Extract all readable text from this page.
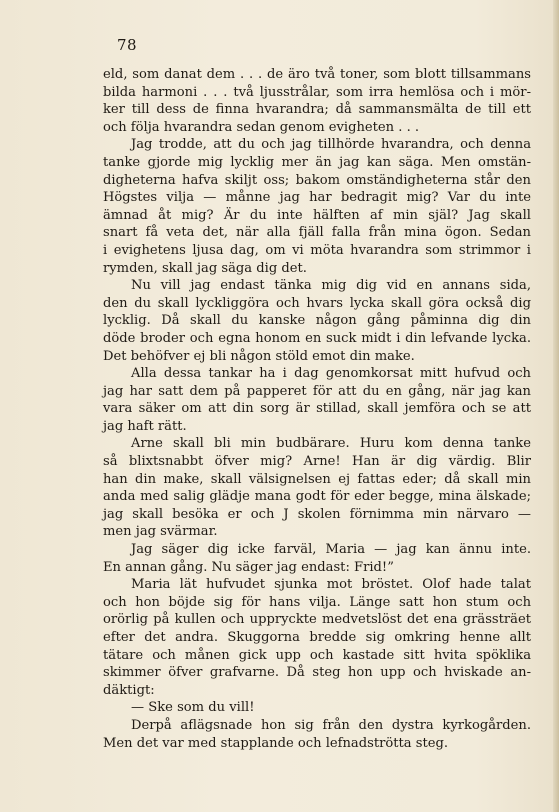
78
eld, som danat dem . . . de äro två toner, som blott tillsammans
bilda harmoni . . . två ljusstrålar, som irra hemlösa och i mör-
ker till dess de finna hvarandra; då sammansmälta de till ett
och följa hvarandra sedan genom evigheten . . .
Jag trodde, att du och jag tillhörde hvarandra, och denna
tanke gjorde mig lycklig mer än jag kan säga. Men omstän-
digheterna hafva skiljt oss; bakom omständigheterna står den
Högstes vilja — månne jag har bedragit mig? Var du inte
ämnad åt mig? Är du inte hälften af min själ? Jag skall
snart få veta det, när alla fjäll falla från mina ögon. Sedan
i evighetens ljusa dag, om vi möta hvarandra som strimmor i
rymden, skall jag säga dig det.
Nu vill jag endast tänka mig dig vid en annans sida,
den du skall lyckliggöra och hvars lycka skall göra också dig
lycklig. Då skall du kanske någon gång påminna dig din
döde broder och egna honom en suck midt i din lefvande lycka.
Det behöfver ej bli någon stöld emot din make.
Alla dessa tankar ha i dag genomkorsat mitt hufvud och
jag har satt dem på papperet för att du en gång, när jag kan
vara säker om att din sorg är stillad, skall jemföra och se att
jag haft rätt.
Arne skall bli min budbärare. Huru kom denna tanke
så blixtsnabbt öfver mig? Arne! Han är dig värdig. Blir
han din make, skall välsignelsen ej fattas eder; då skall min
anda med salig glädje mana godt för eder begge, mina älskade;
jag skall besöka er och J skolen förnimma min närvaro —
men jag svärmar.
Jag säger dig icke farväl, Maria — jag kan ännu inte.
En annan gång. Nu säger jag endast: Frid!”
Maria lät hufvudet sjunka mot bröstet. Olof hade talat
och hon böjde sig för hans vilja. Länge satt hon stum och
orörlig på kullen och uppryckte medvetslöst det ena grässträet
efter det andra. Skuggorna bredde sig omkring henne allt
tätare och månen gick upp och kastade sitt hvita spöklika
skimmer öfver grafvarne. Då steg hon upp och hviskade an-
däktigt:
— Ske som du vill!
Derpå aflägsnade hon sig från den dystra kyrkogården.
Men det var med stapplande och lefnadströtta steg.
